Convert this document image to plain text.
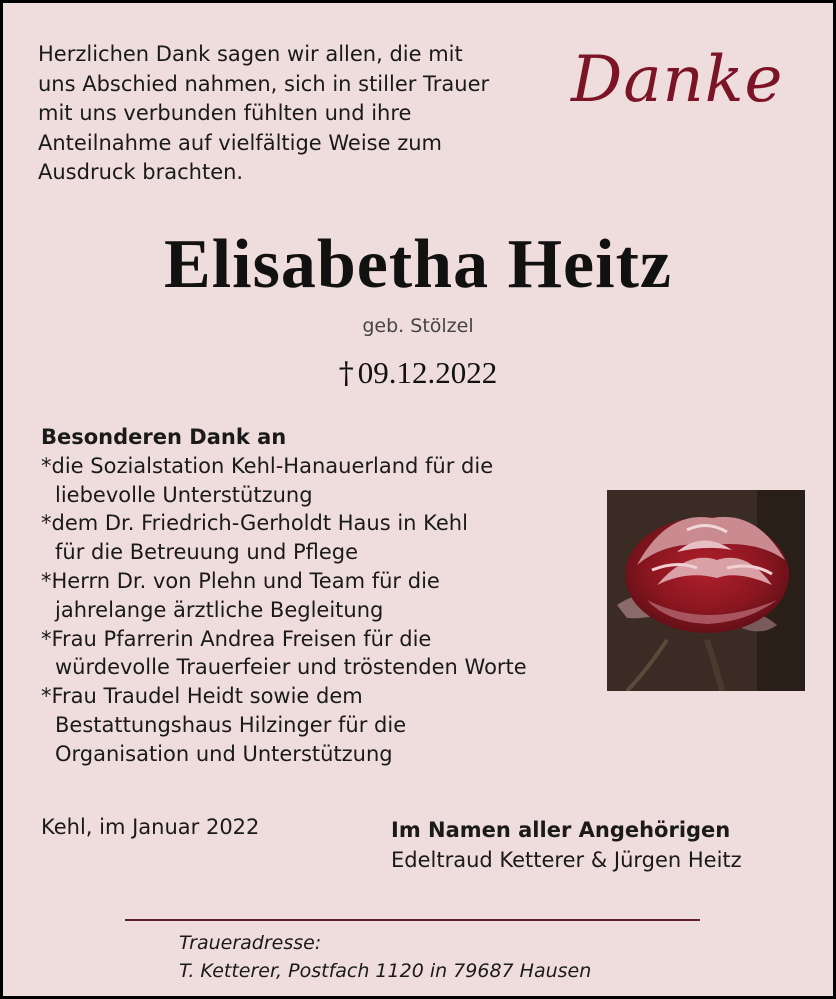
Herzlichen Dank sagen wir allen, die mit
uns Abschied nahmen, sich in stiller Trauer
mit uns verbunden fühlten und ihre
Anteilnahme auf vielfältige Weise zum
Ausdruck brachten.
Danke
Elisabetha Heitz
geb. Stölzel
† 09.12.2022
Besonderen Dank an
*die Sozialstation Kehl-Hanauerland für die
liebevolle Unterstützung
*dem Dr. Friedrich-Gerholdt Haus in Kehl
für die Betreuung und Pflege
*Herrn Dr. von Plehn und Team für die
jahrelange ärztliche Begleitung
*Frau Pfarrerin Andrea Freisen für die
würdevolle Trauerfeier und tröstenden Worte
*Frau Traudel Heidt sowie dem
Bestattungshaus Hilzinger für die
Organisation und Unterstützung
Kehl, im Januar 2022	Im Namen aller Angehörigen
Edeltraud Ketterer & Jürgen Heitz
Traueradresse:
T. Ketterer, Postfach 1120 in 79687 Hausen
